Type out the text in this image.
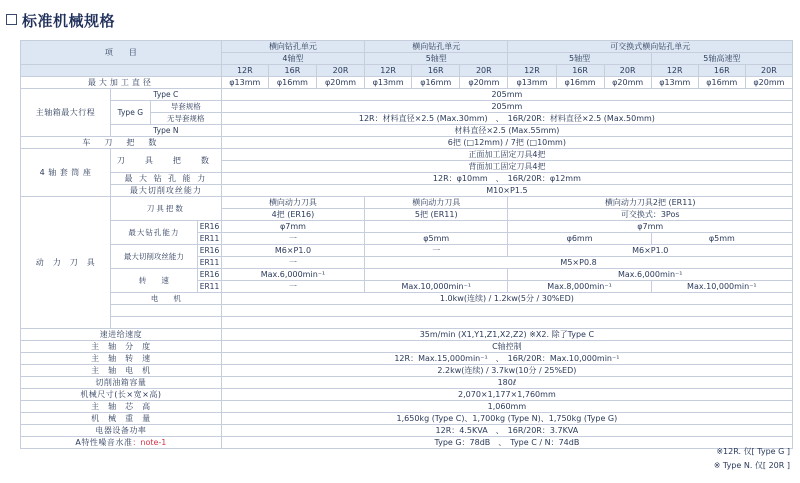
标准机械规格
项　　目				横向钻孔单元			横向钻孔单元			可交换式横向钻孔单元					
				4轴型			5轴型			5轴型			5轴高速型		
				12R	16R	20R	12R	16R	20R	12R	16R	20R	12R	16R	20R
最大加工直径				φ13mm	φ16mm	φ20mm	φ13mm	φ16mm	φ20mm	φ13mm	φ16mm	φ20mm	φ13mm	φ16mm	φ20mm
主轴箱最大行程	Type C			205mm											
	Type G	导套规格		205mm											
		无导套规格		12R：材料直径×2.5 (Max.30mm)　、　16R/20R：材料直径×2.5 (Max.50mm)											
	Type N			材料直径×2.5 (Max.55mm)											
车　刀　把　数				6把 (□12mm) / 7把 (□10mm)											
4 轴 套 筒 座	刀　具　把　数			正面加工固定刀具4把											
				背面加工固定刀具4把											
	最 大 钻 孔 能 力			12R：φ10mm　、　16R/20R：φ12mm											
	最大切削攻丝能力			M10×P1.5											
动　力　刀　具	刀具把数			横向动力刀具			横向动力刀具			横向动力刀具2把 (ER11)					
				4把 (ER16)			5把 (ER11)			可交换式：3Pos					
	最大钻孔能力		ER16	φ7mm						φ7mm					
			ER11	一			φ5mm			φ6mm			φ5mm		
	最大切削攻丝能力		ER16	M6×P1.0			一			M6×P1.0					
			ER11	一			M5×P0.8								
	转　　速		ER16	Max.6,000min⁻¹						Max.6,000min⁻¹					
			ER11	一			Max.10,000min⁻¹			Max.8,000min⁻¹			Max.10,000min⁻¹		
	电　　机			1.0kw(连续) / 1.2kw(5分 / 30%ED)											

速进给速度				35m/min (X1,Y1,Z1,X2,Z2) ※X2. 除了Type C											
主　轴　分　度				C轴控制											
主　轴　转　速				12R：Max.15,000min⁻¹　、　16R/20R：Max.10,000min⁻¹											
主　轴　电　机				2.2kw(连续) / 3.7kw(10分 / 25%ED)											
切削油箱容量				180ℓ											
机械尺寸(长×宽×高)				2,070×1,177×1,760mm											
主　轴　芯　高				1,060mm											
机　械　重　量				1,650kg (Type C)、1,700kg (Type N)、1,750kg (Type G)											
电器设备功率				12R：4.5KVA　、　16R/20R：3.7KVA											
A特性噪音水准：note-1				Type G：78dB　、　Type C / N：74dB											
※12R. 仅[ Type G ]
※ Type N. 仅[ 20R ]
